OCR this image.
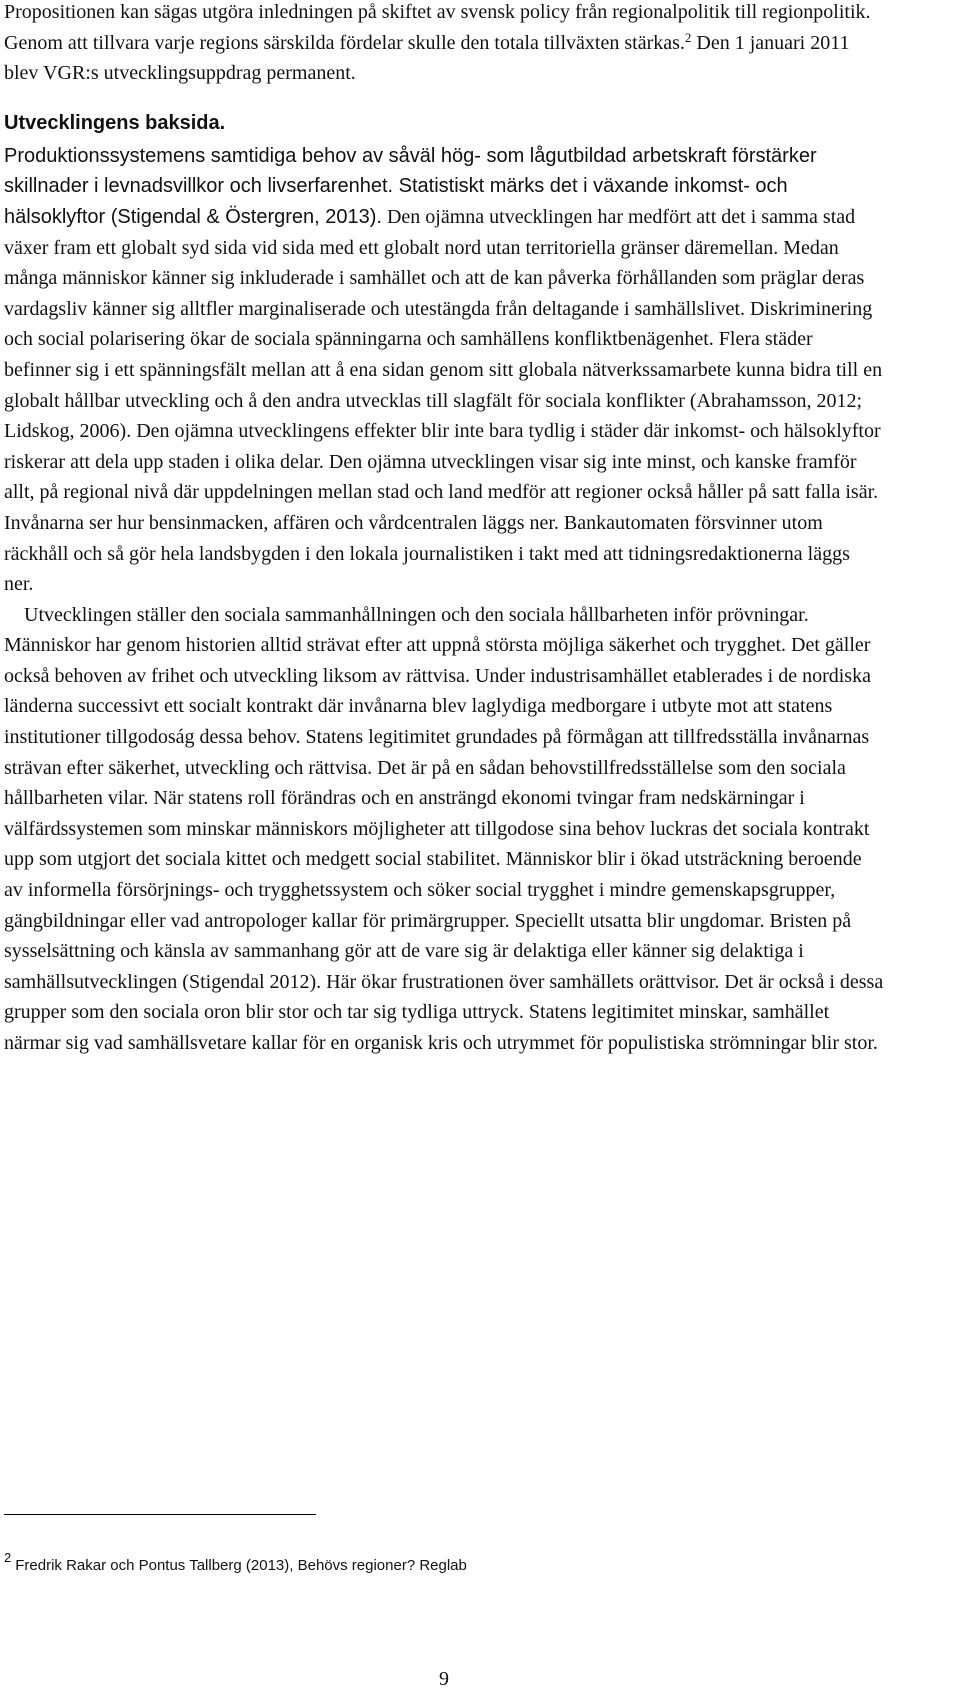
Propositionen kan sägas utgöra inledningen på skiftet av svensk policy från regionalpolitik till regionpolitik. Genom att tillvara varje regions särskilda fördelar skulle den totala tillväxten stärkas.$^2$ Den 1 januari 2011 blev VGR:s utvecklingsuppdrag permanent.

Utvecklingens baksida.

Produktionssystemens samtidiga behov av såväl hög- som lågutbildad arbetskraft förstärker skillnader i levnadsvillkor och livserfarenhet. Statistiskt märks det i växande inkomst- och hälsoklyftor (Stigendal & Östergren, 2013). Den ojämna utvecklingen har medfört att det i samma stad växer fram ett globalt syd sida vid sida med ett globalt nord utan territoriella gränser däremellan. Medan många människor känner sig inkluderade i samhället och att de kan påverka förhållanden som präglar deras vardagsliv känner sig alltfler marginaliserade och utestängda från deltagande i samhällslivet. Diskriminering och social polarisering ökar de sociala spänningarna och samhällens konfliktbenägenhet. Flera städer befinner sig i ett spänningsfält mellan att å ena sidan genom sitt globala nätverkssamarbete kunna bidra till en globalt hållbar utveckling och å den andra utvecklas till slagfält för sociala konflikter (Abrahamsson, 2012; Lidskog, 2006). Den ojämna utvecklingens effekter blir inte bara tydlig i städer där inkomst- och hälsoklyftor riskerar att dela upp staden i olika delar. Den ojämna utvecklingen visar sig inte minst, och kanske framför allt, på regional nivå där uppdelningen mellan stad och land medför att regioner också håller på satt falla isär. Invånarna ser hur bensinmacken, affären och vårdcentralen läggs ner. Bankautomaten försvinner utom räckhåll och så gör hela landsbygden i den lokala journalistiken i takt med att tidningsredaktionerna läggs ner.

Utvecklingen ställer den sociala sammanhållningen och den sociala hållbarheten inför prövningar. Människor har genom historien alltid strävat efter att uppnå största möjliga säkerhet och trygghet. Det gäller också behoven av frihet och utveckling liksom av rättvisa. Under industrisamhället etablerades i de nordiska länderna successivt ett socialt kontrakt där invånarna blev laglydiga medborgare i utbyte mot att statens institutioner tillgodoság dessa behov. Statens legitimitet grundades på förmågan att tillfredsställa invånarnas strävan efter säkerhet, utveckling och rättvisa. Det är på en sådan behovstillfredsställelse som den sociala hållbarheten vilar. När statens roll förändras och en ansträngd ekonomi tvingar fram nedskärningar i välfärdssystemen som minskar människors möjligheter att tillgodose sina behov luckras det sociala kontrakt upp som utgjort det sociala kittet och medgett social stabilitet. Människor blir i ökad utsträckning beroende av informella försörjnings- och trygghetssystem och söker social trygghet i mindre gemenskapsgrupper, gängbildningar eller vad antropologer kallar för primärgrupper. Speciellt utsatta blir ungdomar. Bristen på sysselsättning och känsla av sammanhang gör att de vare sig är delaktiga eller känner sig delaktiga i samhällsutvecklingen (Stigendal 2012). Här ökar frustrationen över samhällets orättvisor. Det är också i dessa grupper som den sociala oron blir stor och tar sig tydliga uttryck. Statens legitimitet minskar, samhället närmar sig vad samhällsvetare kallar för en organisk kris och utrymmet för populistiska strömningar blir stor.

$^2$ Fredrik Rakar och Pontus Tallberg (2013), Behövs regioner? Reglab
9
